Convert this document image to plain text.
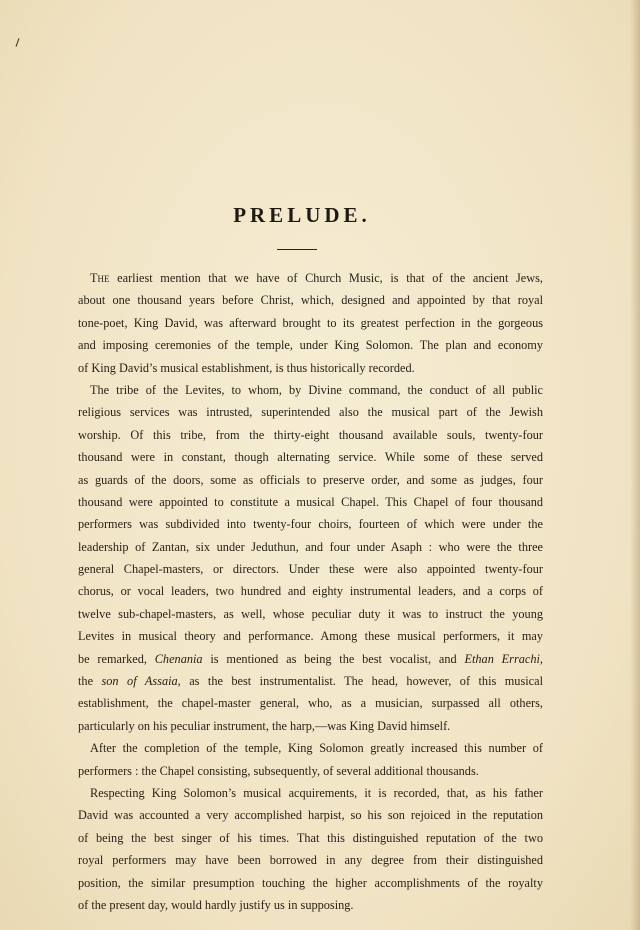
PRELUDE.
The earliest mention that we have of Church Music, is that of the ancient Jews,
about one thousand years before Christ, which, designed and appointed by that royal
tone-poet, King David, was afterward brought to its greatest perfection in the gorgeous
and imposing ceremonies of the temple, under King Solomon. The plan and economy
of King David’s musical establishment, is thus historically recorded.
The tribe of the Levites, to whom, by Divine command, the conduct of all public
religious services was intrusted, superintended also the musical part of the Jewish
worship. Of this tribe, from the thirty-eight thousand available souls, twenty-four
thousand were in constant, though alternating service. While some of these served
as guards of the doors, some as officials to preserve order, and some as judges, four
thousand were appointed to constitute a musical Chapel. This Chapel of four thousand
performers was subdivided into twenty-four choirs, fourteen of which were under the
leadership of Zantan, six under Jeduthun, and four under Asaph : who were the three
general Chapel-masters, or directors. Under these were also appointed twenty-four
chorus, or vocal leaders, two hundred and eighty instrumental leaders, and a corps of
twelve sub-chapel-masters, as well, whose peculiar duty it was to instruct the young
Levites in musical theory and performance. Among these musical performers, it may
be remarked, Chenania is mentioned as being the best vocalist, and Ethan Errachi,
the son of Assaia, as the best instrumentalist. The head, however, of this musical
establishment, the chapel-master general, who, as a musician, surpassed all others,
particularly on his peculiar instrument, the harp,—was King David himself.
After the completion of the temple, King Solomon greatly increased this number of
performers : the Chapel consisting, subsequently, of several additional thousands.
Respecting King Solomon’s musical acquirements, it is recorded, that, as his father
David was accounted a very accomplished harpist, so his son rejoiced in the reputation
of being the best singer of his times. That this distinguished reputation of the two
royal performers may have been borrowed in any degree from their distinguished
position, the similar presumption touching the higher accomplishments of the royalty
of the present day, would hardly justify us in supposing.
